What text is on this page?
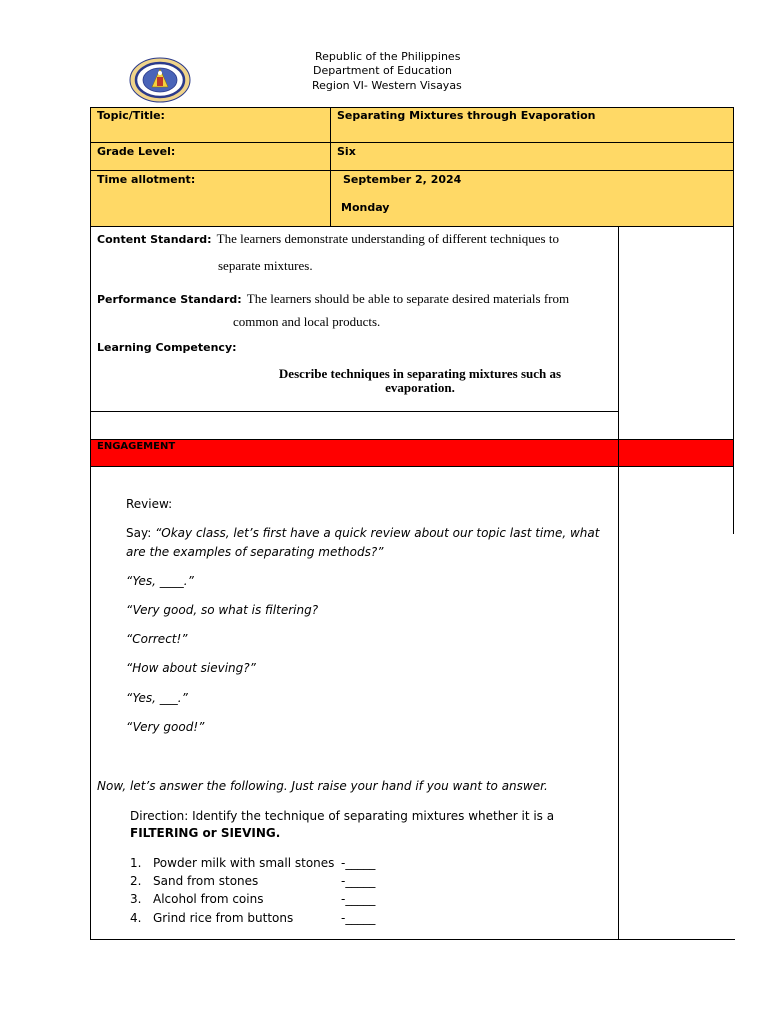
Republic of the Philippines
Department of Education
Region VI- Western Visayas
Topic/Title:	Separating Mixtures through Evaporation
Grade Level:	Six
Time allotment:	September 2, 2024
Monday
Content Standard: The learners demonstrate understanding of different techniques to
separate mixtures.
Performance Standard: The learners should be able to separate desired materials from
common and local products.
Learning Competency:
Describe techniques in separating mixtures such as
evaporation.
ENGAGEMENT
Review:
Say: “Okay class, let’s first have a quick review about our topic last time, what
are the examples of separating methods?”
“Yes, ____.”
“Very good, so what is filtering?
“Correct!”
“How about sieving?”
“Yes, ___.”
“Very good!”
Now, let’s answer the following. Just raise your hand if you want to answer.
Direction: Identify the technique of separating mixtures whether it is a
FILTERING or SIEVING.
1. Powder milk with small stones -_____
2. Sand from stones	-_____
3. Alcohol from coins	-_____
4. Grind rice from buttons	-_____
